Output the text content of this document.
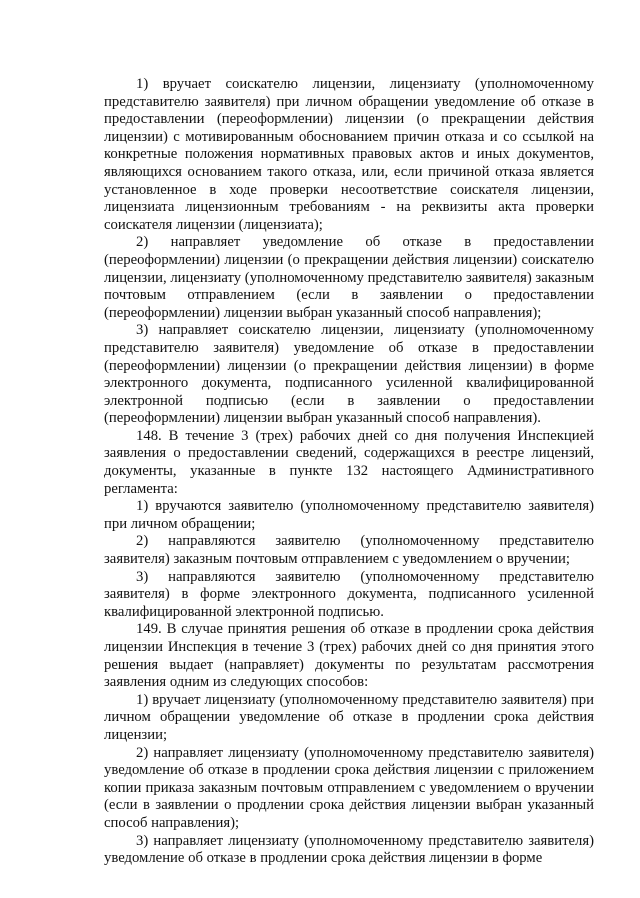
1) вручает соискателю лицензии, лицензиату (уполномоченному представителю заявителя) при личном обращении уведомление об отказе в предоставлении (переоформлении) лицензии (о прекращении действия лицензии) с мотивированным обоснованием причин отказа и со ссылкой на конкретные положения нормативных правовых актов и иных документов, являющихся основанием такого отказа, или, если причиной отказа является установленное в ходе проверки несоответствие соискателя лицензии, лицензиата лицензионным требованиям - на реквизиты акта проверки соискателя лицензии (лицензиата);

2) направляет уведомление об отказе в предоставлении (переоформлении) лицензии (о прекращении действия лицензии) соискателю лицензии, лицензиату (уполномоченному представителю заявителя) заказным почтовым отправлением (если в заявлении о предоставлении (переоформлении) лицензии выбран указанный способ направления);

3) направляет соискателю лицензии, лицензиату (уполномоченному представителю заявителя) уведомление об отказе в предоставлении (переоформлении) лицензии (о прекращении действия лицензии) в форме электронного документа, подписанного усиленной квалифицированной электронной подписью (если в заявлении о предоставлении (переоформлении) лицензии выбран указанный способ направления).

148. В течение 3 (трех) рабочих дней со дня получения Инспекцией заявления о предоставлении сведений, содержащихся в реестре лицензий, документы, указанные в пункте 132 настоящего Административного регламента:

1) вручаются заявителю (уполномоченному представителю заявителя) при личном обращении;

2) направляются заявителю (уполномоченному представителю заявителя) заказным почтовым отправлением с уведомлением о вручении;

3) направляются заявителю (уполномоченному представителю заявителя) в форме электронного документа, подписанного усиленной квалифицированной электронной подписью.

149. В случае принятия решения об отказе в продлении срока действия лицензии Инспекция в течение 3 (трех) рабочих дней со дня принятия этого решения выдает (направляет) документы по результатам рассмотрения заявления одним из следующих способов:

1) вручает лицензиату (уполномоченному представителю заявителя) при личном обращении уведомление об отказе в продлении срока действия лицензии;

2) направляет лицензиату (уполномоченному представителю заявителя) уведомление об отказе в продлении срока действия лицензии с приложением копии приказа заказным почтовым отправлением с уведомлением о вручении (если в заявлении о продлении срока действия лицензии выбран указанный способ направления);

3) направляет лицензиату (уполномоченному представителю заявителя) уведомление об отказе в продлении срока действия лицензии в форме
